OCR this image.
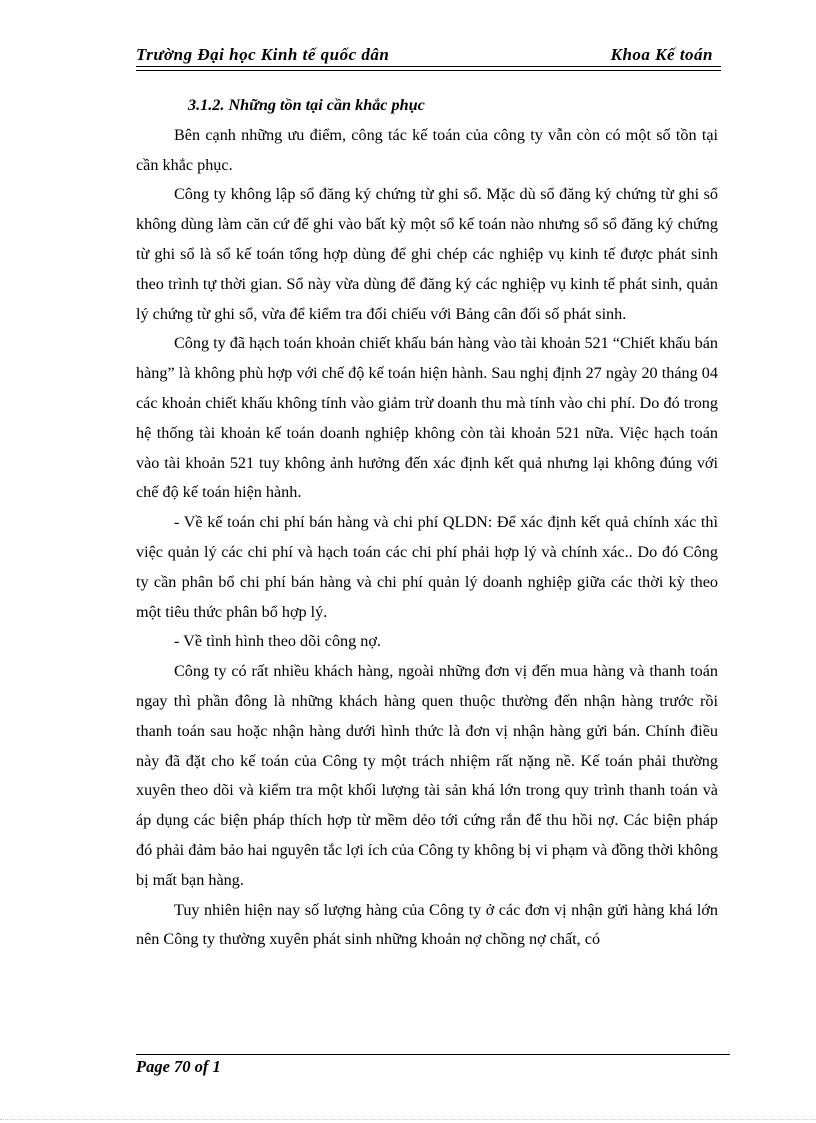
Trường Đại học Kinh tế quốc dân	Khoa Kế toán

3.1.2. Những tồn tại cần khắc phục

Bên cạnh những ưu điểm, công tác kế toán của công ty vẫn còn có một số tồn tại cần khắc phục.

Công ty không lập sổ đăng ký chứng từ ghi sổ. Mặc dù sổ đăng ký chứng từ ghi sổ không dùng làm căn cứ để ghi vào bất kỳ một sổ kế toán nào nhưng sổ sổ đăng ký chứng từ ghi sổ là sổ kế toán tổng hợp dùng để ghi chép các nghiệp vụ kinh tế được phát sinh theo trình tự thời gian. Sổ này vừa dùng để đăng ký các nghiệp vụ kinh tế phát sinh, quản lý chứng từ ghi sổ, vừa để kiểm tra đối chiếu với Bảng cân đối số phát sinh.

Công ty đã hạch toán khoản chiết khấu bán hàng vào tài khoản 521 “Chiết khấu bán hàng” là không phù hợp với chế độ kế toán hiện hành. Sau nghị định 27 ngày 20 tháng 04 các khoản chiết khấu không tính vào giảm trừ doanh thu mà tính vào chi phí. Do đó trong hệ thống tài khoản kế toán doanh nghiệp không còn tài khoản 521 nữa. Việc hạch toán vào tài khoản 521 tuy không ảnh hưởng đến xác định kết quả nhưng lại không đúng với chế độ kế toán hiện hành.

- Về kế toán chi phí bán hàng và chi phí QLDN: Để xác định kết quả chính xác thì việc quản lý các chi phí và hạch toán các chi phí phải hợp lý và chính xác.. Do đó Công ty cần phân bổ chi phí bán hàng và chi phí quản lý doanh nghiệp giữa các thời kỳ theo một tiêu thức phân bổ hợp lý.

- Về tình hình theo dõi công nợ.

Công ty có rất nhiều khách hàng, ngoài những đơn vị đến mua hàng và thanh toán ngay thì phần đông là những khách hàng quen thuộc thường đến nhận hàng trước rồi thanh toán sau hoặc nhận hàng dưới hình thức là đơn vị nhận hàng gửi bán. Chính điều này đã đặt cho kế toán của Công ty một trách nhiệm rất nặng nề. Kế toán phải thường xuyên theo dõi và kiểm tra một khối lượng tài sản khá lớn trong quy trình thanh toán và áp dụng các biện pháp thích hợp từ mềm dẻo tới cứng rắn để thu hồi nợ. Các biện pháp đó phải đảm bảo hai nguyên tắc lợi ích của Công ty không bị vi phạm và đồng thời không bị mất bạn hàng.

Tuy nhiên hiện nay số lượng hàng của Công ty ở các đơn vị nhận gửi hàng khá lớn nên Công ty thường xuyên phát sinh những khoản nợ chồng nợ chất, có

Page 70 of 1
